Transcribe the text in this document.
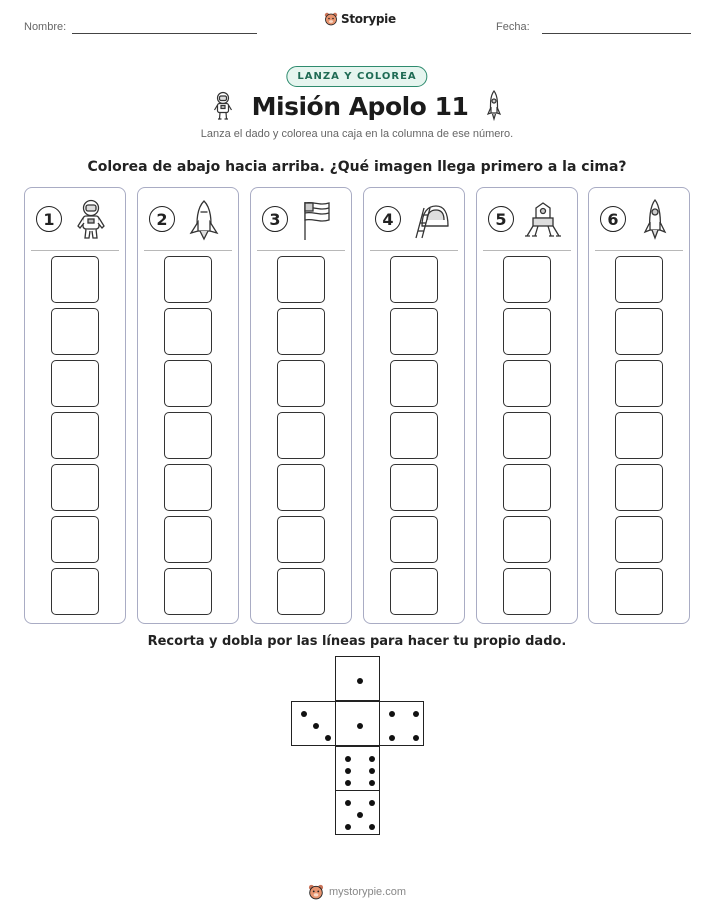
Nombre:
Storypie
Fecha:
LANZA Y COLOREA
Misión Apolo 11
Lanza el dado y colorea una caja en la columna de ese número.
Colorea de abajo hacia arriba. ¿Qué imagen llega primero a la cima?
1	2	3	4	5	6
Recorta y dobla por las líneas para hacer tu propio dado.
mystorypie.com
